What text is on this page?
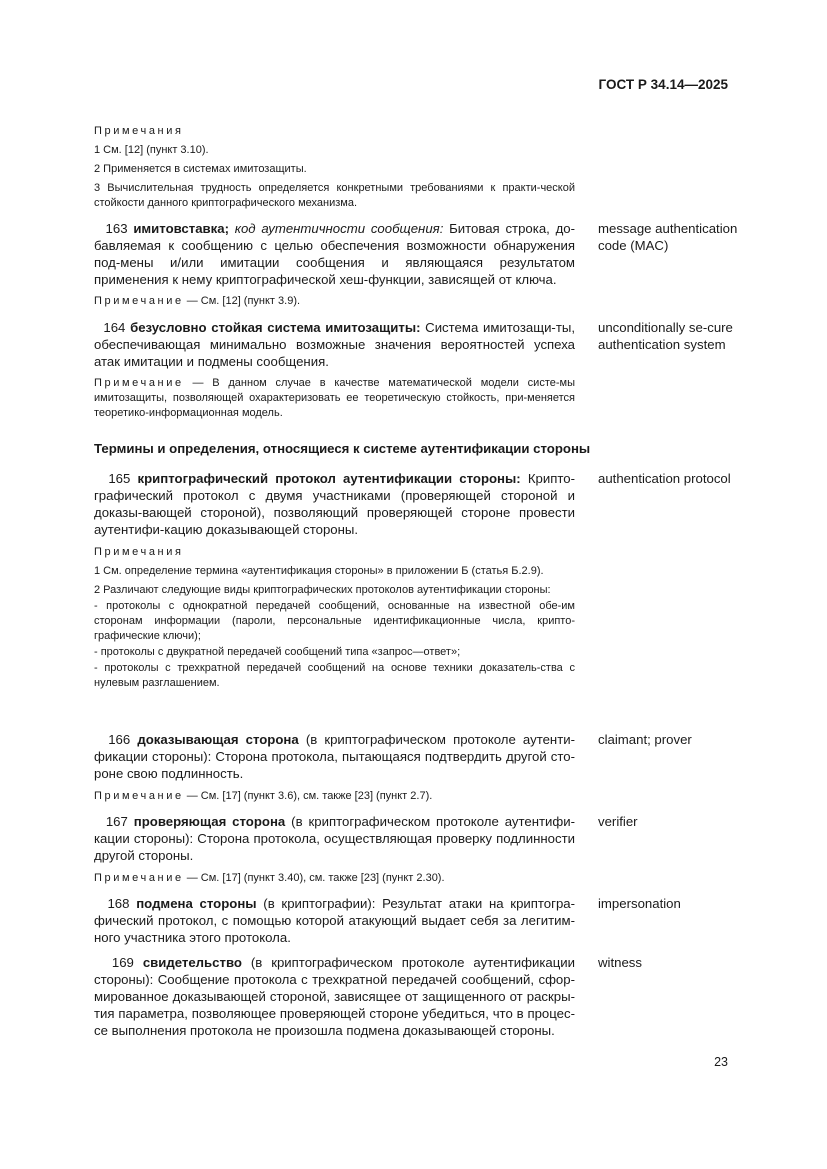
ГОСТ Р 34.14—2025

Примечания

1 См. [12] (пункт 3.10).

2 Применяется в системах имитозащиты.

3 Вычислительная трудность определяется конкретными требованиями к практи-ческой стойкости данного криптографического механизма.

163 имитовставка; код аутентичности сообщения: Битовая строка, до-бавляемая к сообщению с целью обеспечения возможности обнаружения под-мены и/или имитации сообщения и являющаяся результатом применения к нему криптографической хеш-функции, зависящей от ключа.

Примечание — См. [12] (пункт 3.9).

message authentication code (MAC)

164 безусловно стойкая система имитозащиты: Система имитозащи-ты, обеспечивающая минимально возможные значения вероятностей успеха атак имитации и подмены сообщения.

Примечание — В данном случае в качестве математической модели систе-мы имитозащиты, позволяющей охарактеризовать ее теоретическую стойкость, при-меняется теоретико-информационная модель.

unconditionally se-cure authentication system
Термины и определения, относящиеся к системе аутентификации стороны

165 криптографический протокол аутентификации стороны: Крипто-графический протокол с двумя участниками (проверяющей стороной и доказы-вающей стороной), позволяющий проверяющей стороне провести аутентифи-кацию доказывающей стороны.

Примечания

1 См. определение термина «аутентификация стороны» в приложении Б (статья Б.2.9).

2 Различают следующие виды криптографических протоколов аутентификации стороны:

- протоколы с однократной передачей сообщений, основанные на известной обе-им сторонам информации (пароли, персональные идентификационные числа, крипто-графические ключи);

- протоколы с двукратной передачей сообщений типа «запрос—ответ»;

- протоколы с трехкратной передачей сообщений на основе техники доказатель-ства с нулевым разглашением.

authentication protocol

166 доказывающая сторона (в криптографическом протоколе аутенти-фикации стороны): Сторона протокола, пытающаяся подтвердить другой сто-роне свою подлинность.

Примечание — См. [17] (пункт 3.6), см. также [23] (пункт 2.7).

claimant; prover

167 проверяющая сторона (в криптографическом протоколе аутентифи-кации стороны): Сторона протокола, осуществляющая проверку подлинности другой стороны.

Примечание — См. [17] (пункт 3.40), см. также [23] (пункт 2.30).

verifier

168 подмена стороны (в криптографии): Результат атаки на криптогра-фический протокол, с помощью которой атакующий выдает себя за легитим-ного участника этого протокола.

impersonation

169 свидетельство (в криптографическом протоколе аутентификации стороны): Сообщение протокола с трехкратной передачей сообщений, сфор-мированное доказывающей стороной, зависящее от защищенного от раскры-тия параметра, позволяющее проверяющей стороне убедиться, что в процес-се выполнения протокола не произошла подмена доказывающей стороны.

witness
23
